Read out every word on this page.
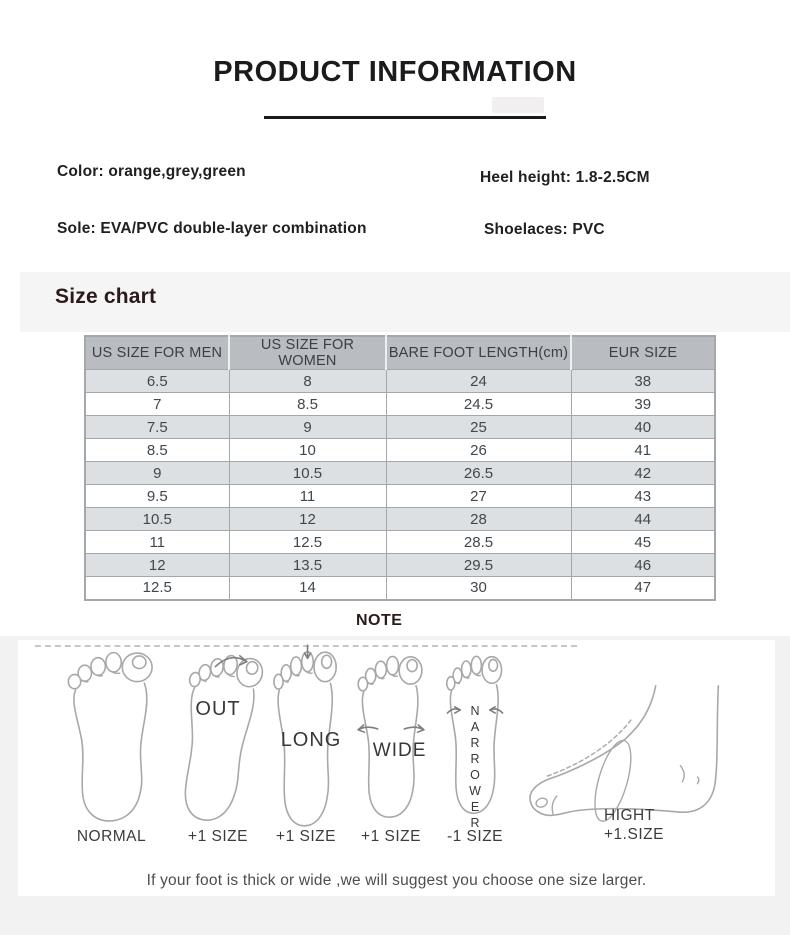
PRODUCT INFORMATION
Color: orange,grey,green	Heel height: 1.8-2.5CM
Sole: EVA/PVC double-layer combination	Shoelaces: PVC
Size chart
US SIZE FOR MEN	US SIZE FOR WOMEN	BARE FOOT LENGTH(cm)	EUR SIZE
6.5	8	24	38
7	8.5	24.5	39
7.5	9	25	40
8.5	10	26	41
9	10.5	26.5	42
9.5	11	27	43
10.5	12	28	44
11	12.5	28.5	45
12	13.5	29.5	46
12.5	14	30	47
NOTE
NORMAL
OUT
+1 SIZE
LONG
+1 SIZE
WIDE
+1 SIZE
NARROWER
-1 SIZE
HIGHT
+1.SIZE
If your foot is thick or wide ,we will suggest you choose one size larger.
